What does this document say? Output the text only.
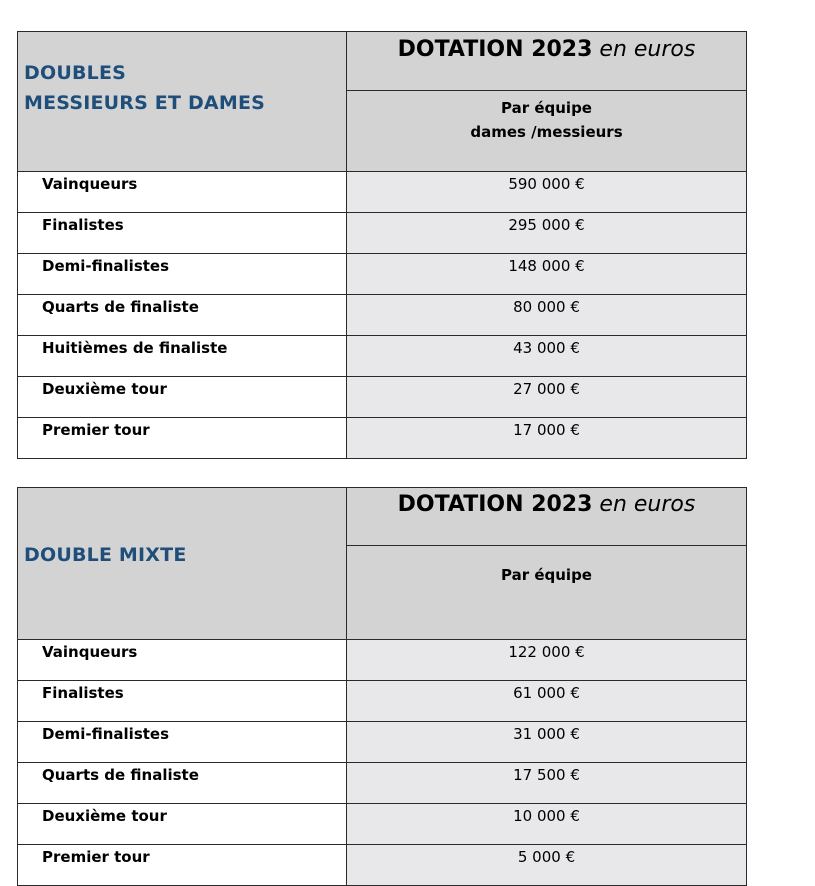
DOUBLES
MESSIEURS ET DAMES	DOTATION 2023 en euros

	Par équipe
dames /messieurs

Vainqueurs	590 000 €

Finalistes	295 000 €

Demi-finalistes	148 000 €

Quarts de finaliste	80 000 €

Huitièmes de finaliste	43 000 €

Deuxième tour	27 000 €

Premier tour	17 000 €
DOUBLE MIXTE	DOTATION 2023 en euros

	Par équipe

Vainqueurs	122 000 €

Finalistes	61 000 €

Demi-finalistes	31 000 €

Quarts de finaliste	17 500 €

Deuxième tour	10 000 €

Premier tour	5 000 €
